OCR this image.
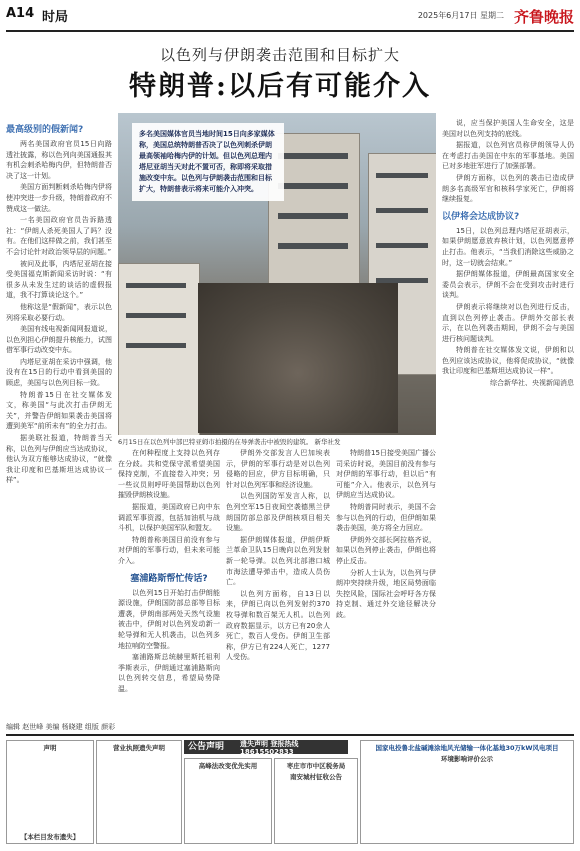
A14 时局	2025年6月17日 星期二 齐鲁晚报
以色列与伊朗袭击范围和目标扩大
特朗普:以后有可能介入
最高级别的假新闻?

两名美国政府官员15日向路透社披露，称以色列向美国通报其有机会刺杀哈梅内伊，但特朗普否决了这一计划。

美国方面判断刺杀哈梅内伊将使冲突进一步升级，特朗普政府不赞成这一做法。

一名美国政府官员告诉路透社：“伊朗人杀死美国人了吗？没有。在他们这样做之前，我们甚至不会讨论针对政治领导层的问题。”

被问及此事，内塔尼亚胡在接受美国福克斯新闻采访时说：“有很多从未发生过的谈话的虚假报道，我不打算谈论这个。”

他称这是“假新闻”，表示以色列将采取必要行动。

美国有线电视新闻网报道说，以色列担心伊朗提升核能力，试图借军事行动改变中东。

内塔尼亚胡在采访中强调，他没有在15日的行动中看到美国的顾虑，美国与以色列目标一致。

特朗普15日在社交媒体发文，称美国“与此次打击伊朗无关”，并警告伊朗如果袭击美国将遭到美军“前所未有”的全力打击。

据美联社报道，特朗普当天称，以色列与伊朗应当达成协议，他认为双方能够达成协议，“就像我让印度和巴基斯坦达成协议一样”。

多名美国媒体官员当地时间15日向多家媒体称，美国总统特朗普否决了以色列刺杀伊朗最高领袖哈梅内伊的计划。但以色列总理内塔尼亚胡当天对此不置可否，称即将采取措施改变中东。以色列与伊朗袭击范围和目标扩大，特朗普表示将来可能介入冲突。
6月15日在以色列中部巴特亚姆市拍摄的在导弹袭击中被毁的建筑。 新华社发

在何种程度上支持以色列存在分歧。共和党保守派希望美国保持克制，不直接卷入冲突；另一些议员则呼吁美国帮助以色列摧毁伊朗核设施。

据报道，美国政府已向中东调派军事资源，包括加油机与战斗机，以保护美国军队和盟友。

特朗普称美国目前没有参与对伊朗的军事行动，但未来可能介入。

塞浦路斯帮忙传话?

以色列15日开始打击伊朗能源设施，伊朗国防部总部等目标遭袭，伊朗南部两处天然气设施被击中，伊朗对以色列发动新一轮导弹和无人机袭击，以色列多地拉响防空警报。

塞浦路斯总统赫里斯托祖利季斯表示，伊朗通过塞浦路斯向以色列转交信息，希望局势降温。

伊朗外交部发言人巴加埃表示，伊朗的军事行动是对以色列侵略的回应，伊方目标明确，只针对以色列军事和经济设施。

以色列国防军发言人称，以色列空军15日夜间空袭德黑兰伊朗国防部总部及伊朗核项目相关设施。

据伊朗媒体报道，伊朗伊斯兰革命卫队15日晚向以色列发射新一轮导弹。以色列北部港口城市海法遭导弹击中，造成人员伤亡。

以色列方面称，自13日以来，伊朗已向以色列发射约370枚导弹和数百架无人机。以色列政府数据显示，以方已有20余人死亡，数百人受伤。伊朗卫生部称，伊方已有224人死亡，1277人受伤。

特朗普15日接受美国广播公司采访时说，美国目前没有参与对伊朗的军事行动，但以后“有可能”介入。他表示，以色列与伊朗应当达成协议。

特朗普同时表示，美国不会参与以色列的行动，但伊朗如果袭击美国，美方将全力回应。

伊朗外交部长阿拉格齐说，如果以色列停止袭击，伊朗也将停止反击。

分析人士认为，以色列与伊朗冲突持续升级，地区局势面临失控风险，国际社会呼吁各方保持克制、通过外交途径解决分歧。

说，应当保护美国人生命安全，这是美国对以色列支持的底线。

据报道，以色列官员称伊朗领导人仍在考虑打击美国在中东的军事基地。美国已对多地驻军进行了加强部署。

伊朗方面称，以色列的袭击已造成伊朗多名高级军官和核科学家死亡，伊朗将继续报复。

以伊将会达成协议?

15日，以色列总理内塔尼亚胡表示，如果伊朗愿意放弃核计划，以色列愿意停止打击。他表示，“当我们消除这些威胁之时，这一切就会结束。”

据伊朗媒体报道，伊朗最高国家安全委员会表示，伊朗不会在受到攻击时进行谈判。

伊朗表示将继续对以色列进行反击，直到以色列停止袭击。伊朗外交部长表示，在以色列袭击期间，伊朗不会与美国进行核问题谈判。

特朗普在社交媒体发文说，伊朗和以色列应该达成协议，他将促成协议，“就像我让印度和巴基斯坦达成协议一样”。

综合新华社、央视新闻消息

编辑 赵世峰 美编 杨晓建 组版 颜彩
声明	营业执照遗失声明
高峰法改变优先实用	枣庄市市中区税务局
南安城村征收公告
国家电投鲁北盐碱滩涂地风光储输一体化基地30万kW风电项目
环境影响评价公示
【本栏目发布遗失】
公告声明	遗失声明 登报热线 18615502833
